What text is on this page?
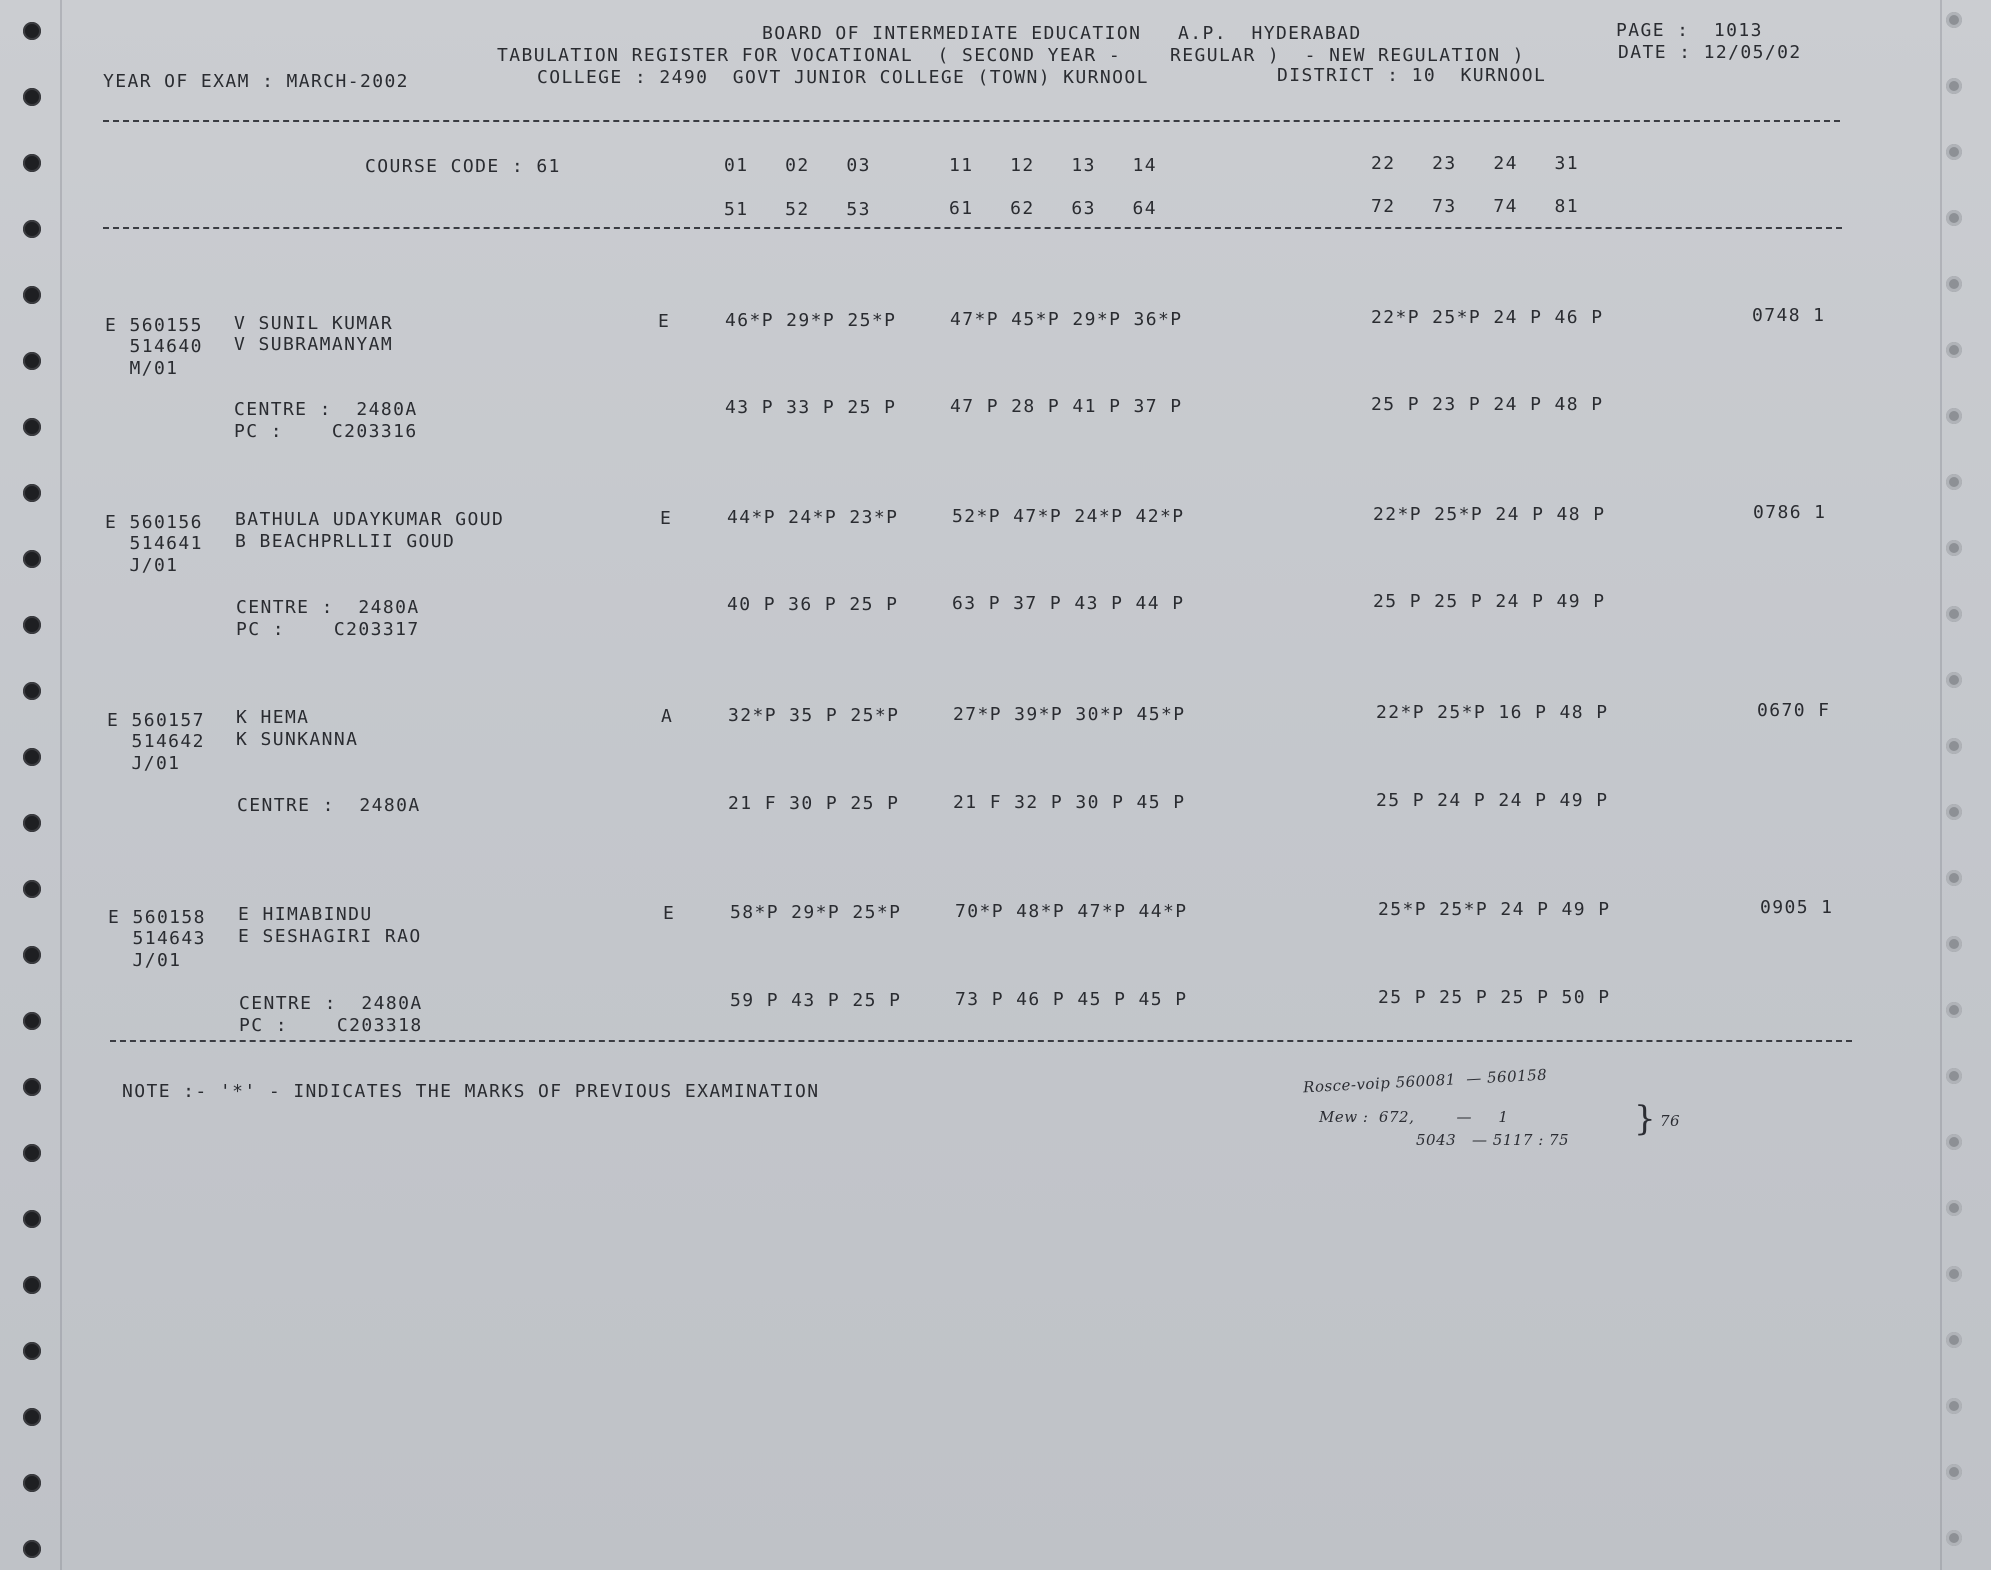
BOARD OF INTERMEDIATE EDUCATION   A.P.  HYDERABAD	PAGE :  1013
TABULATION REGISTER FOR VOCATIONAL  ( SECOND YEAR -    REGULAR )  - NEW REGULATION )	DATE : 12/05/02
YEAR OF EXAM : MARCH-2002	COLLEGE : 2490  GOVT JUNIOR COLLEGE (TOWN) KURNOOL	DISTRICT : 10  KURNOOL
COURSE CODE : 61	01   02   03	11   12   13   14	22   23   24   31
51   52   53	61   62   63   64	72   73   74   81
E 560155
514640
M/01
V SUNIL KUMAR
V SUBRAMANYAM
E	46*P 29*P 25*P	47*P 45*P 29*P 36*P	22*P 25*P 24 P 46 P	0748 1
CENTRE :  2480A
PC :    C203316
43 P 33 P 25 P	47 P 28 P 41 P 37 P	25 P 23 P 24 P 48 P
E 560156
514641
J/01
BATHULA UDAYKUMAR GOUD
B BEACHPRLLII GOUD
E	44*P 24*P 23*P	52*P 47*P 24*P 42*P	22*P 25*P 24 P 48 P	0786 1
CENTRE :  2480A
PC :    C203317
40 P 36 P 25 P	63 P 37 P 43 P 44 P	25 P 25 P 24 P 49 P
E 560157
514642
J/01
K HEMA
K SUNKANNA
A	32*P 35 P 25*P	27*P 39*P 30*P 45*P	22*P 25*P 16 P 48 P	0670 F
CENTRE :  2480A	21 F 30 P 25 P	21 F 32 P 30 P 45 P	25 P 24 P 24 P 49 P
E 560158
514643
J/01
E HIMABINDU
E SESHAGIRI RAO
E	58*P 29*P 25*P	70*P 48*P 47*P 44*P	25*P 25*P 24 P 49 P	0905 1
CENTRE :  2480A
PC :    C203318
59 P 43 P 25 P	73 P 46 P 45 P 45 P	25 P 25 P 25 P 50 P
NOTE :- '*' - INDICATES THE MARKS OF PREVIOUS EXAMINATION	Rosce-voip 560081  — 560158
Mew :  672,        —     1
5043   — 5117 : 75
} 76
